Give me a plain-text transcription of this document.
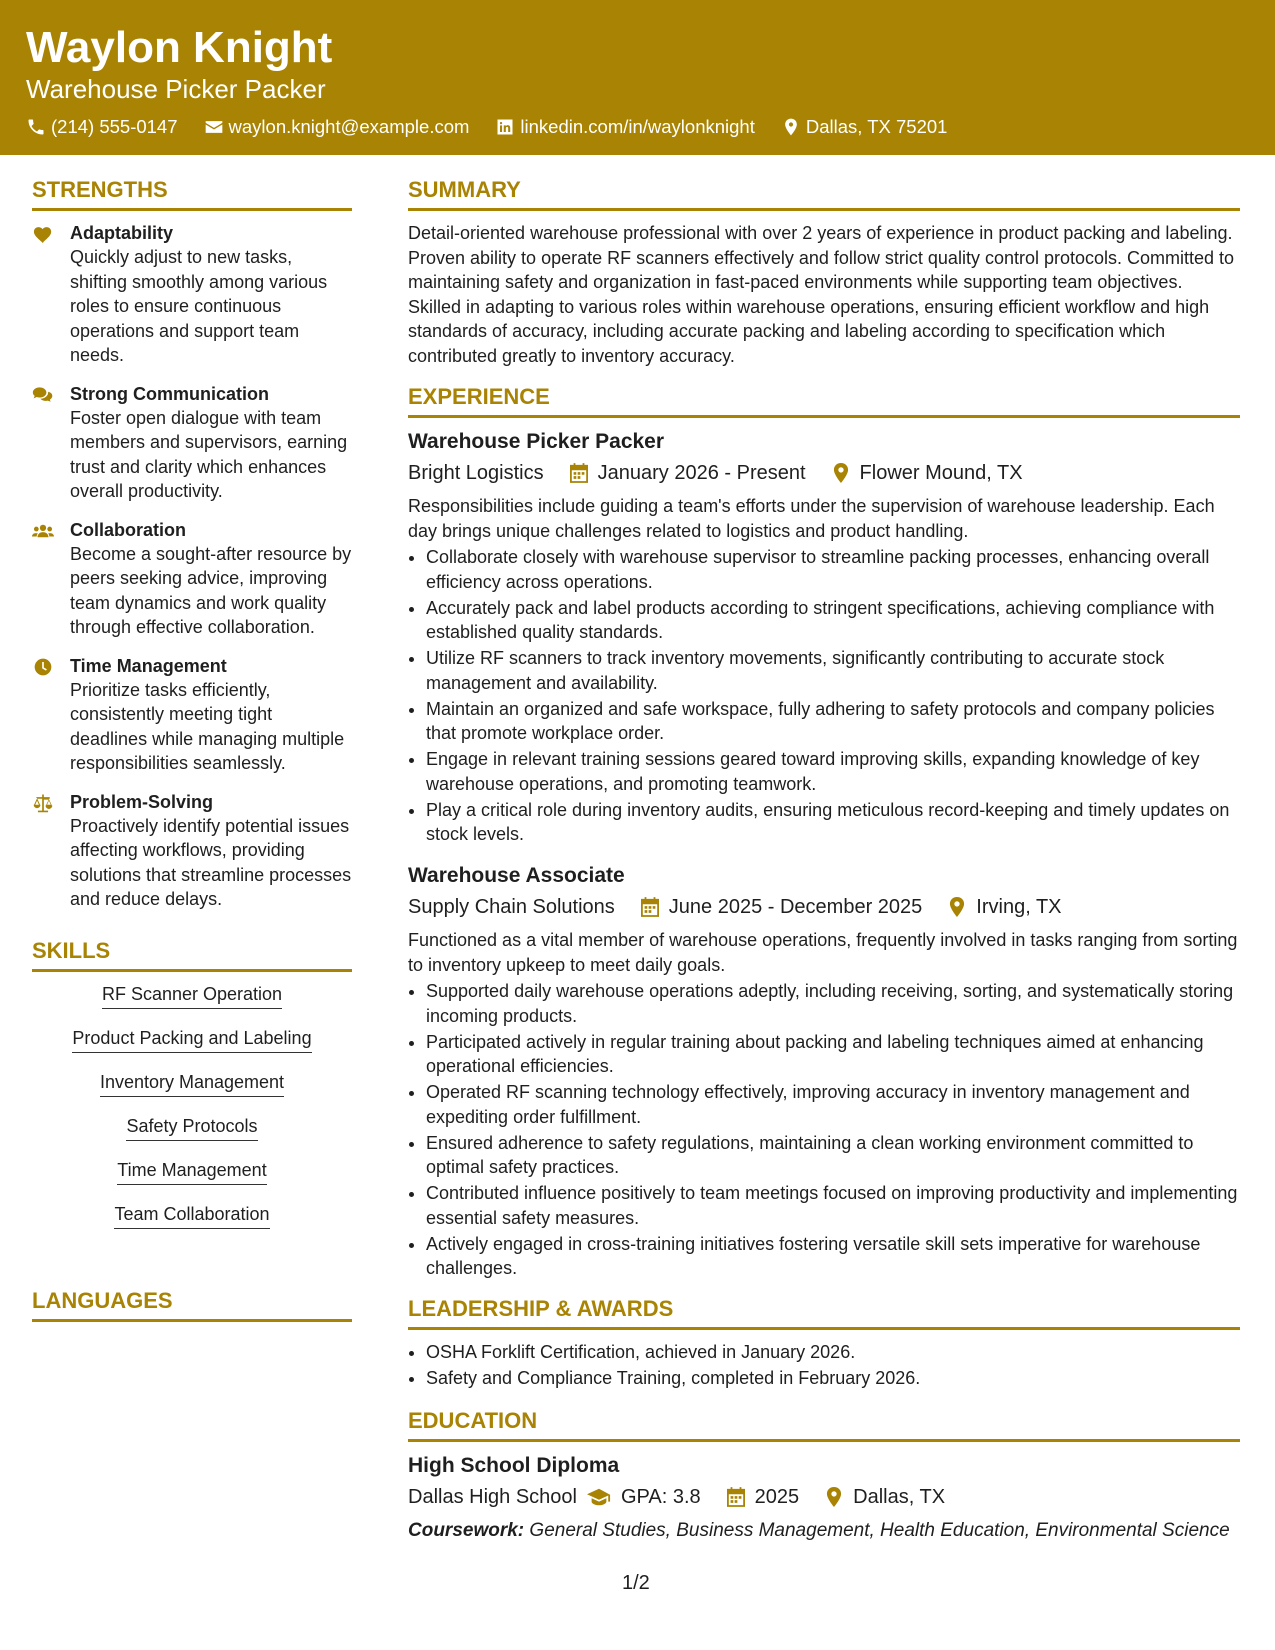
Waylon Knight
Warehouse Picker Packer
(214) 555-0147	waylon.knight@example.com	linkedin.com/in/waylonknight	Dallas, TX 75201
STRENGTHS
Adaptability
Quickly adjust to new tasks, shifting smoothly among various roles to ensure continuous operations and support team needs.
Strong Communication
Foster open dialogue with team members and supervisors, earning trust and clarity which enhances overall productivity.
Collaboration
Become a sought-after resource by peers seeking advice, improving team dynamics and work quality through effective collaboration.
Time Management
Prioritize tasks efficiently, consistently meeting tight deadlines while managing multiple responsibilities seamlessly.
Problem-Solving
Proactively identify potential issues affecting workflows, providing solutions that streamline processes and reduce delays.
SKILLS
RF Scanner Operation
Product Packing and Labeling
Inventory Management
Safety Protocols
Time Management
Team Collaboration
LANGUAGES
SUMMARY

Detail-oriented warehouse professional with over 2 years of experience in product packing and labeling. Proven ability to operate RF scanners effectively and follow strict quality control protocols. Committed to maintaining safety and organization in fast-paced environments while supporting team objectives. Skilled in adapting to various roles within warehouse operations, ensuring efficient workflow and high standards of accuracy, including accurate packing and labeling according to specification which contributed greatly to inventory accuracy.

EXPERIENCE
Warehouse Picker Packer
Bright Logistics	January 2026 - Present	Flower Mound, TX

Responsibilities include guiding a team's efforts under the supervision of warehouse leadership. Each day brings unique challenges related to logistics and product handling.

• Collaborate closely with warehouse supervisor to streamline packing processes, enhancing overall efficiency across operations.
• Accurately pack and label products according to stringent specifications, achieving compliance with established quality standards.
• Utilize RF scanners to track inventory movements, significantly contributing to accurate stock management and availability.
• Maintain an organized and safe workspace, fully adhering to safety protocols and company policies that promote workplace order.
• Engage in relevant training sessions geared toward improving skills, expanding knowledge of key warehouse operations, and promoting teamwork.
• Play a critical role during inventory audits, ensuring meticulous record-keeping and timely updates on stock levels.
Warehouse Associate
Supply Chain Solutions	June 2025 - December 2025	Irving, TX

Functioned as a vital member of warehouse operations, frequently involved in tasks ranging from sorting to inventory upkeep to meet daily goals.

• Supported daily warehouse operations adeptly, including receiving, sorting, and systematically storing incoming products.
• Participated actively in regular training about packing and labeling techniques aimed at enhancing operational efficiencies.
• Operated RF scanning technology effectively, improving accuracy in inventory management and expediting order fulfillment.
• Ensured adherence to safety regulations, maintaining a clean working environment committed to optimal safety practices.
• Contributed influence positively to team meetings focused on improving productivity and implementing essential safety measures.
• Actively engaged in cross-training initiatives fostering versatile skill sets imperative for warehouse challenges.
LEADERSHIP & AWARDS
• OSHA Forklift Certification, achieved in January 2026.
• Safety and Compliance Training, completed in February 2026.
EDUCATION
High School Diploma
Dallas High School GPA: 3.8	2025	Dallas, TX
Coursework: General Studies, Business Management, Health Education, Environmental Science
1/2
